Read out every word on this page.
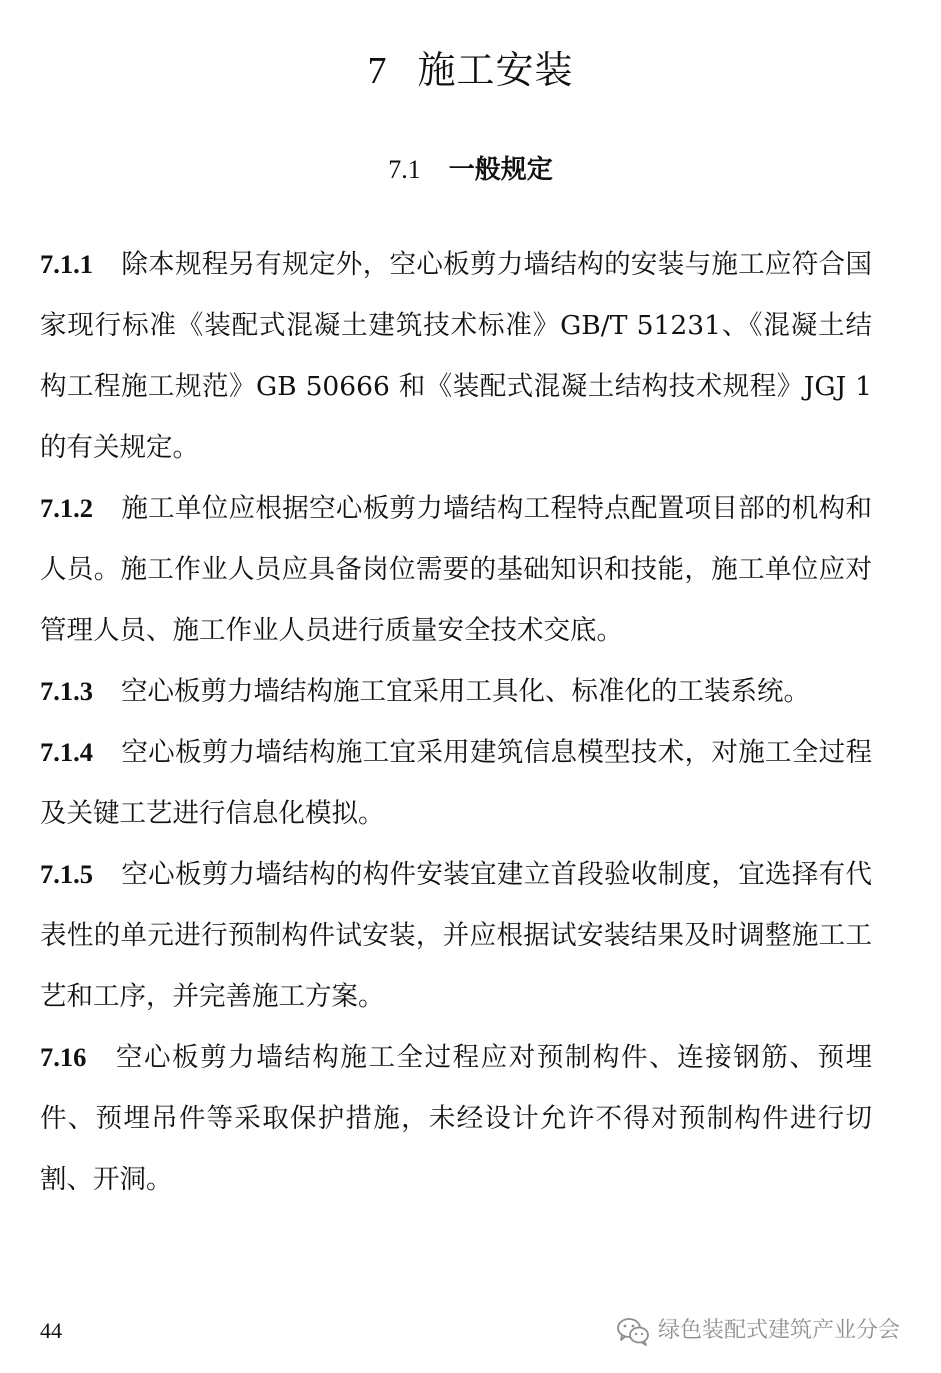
7 施工安装
7.1 一般规定

7.1.1 除本规程另有规定外，空心板剪力墙结构的安装与施工应符合国家现行标准《装配式混凝土建筑技术标准》GB/T 51231、《混凝土结构工程施工规范》GB 50666 和《装配式混凝土结构技术规程》JGJ 1 的有关规定。

7.1.2 施工单位应根据空心板剪力墙结构工程特点配置项目部的机构和人员。施工作业人员应具备岗位需要的基础知识和技能，施工单位应对管理人员、施工作业人员进行质量安全技术交底。

7.1.3 空心板剪力墙结构施工宜采用工具化、标准化的工装系统。

7.1.4 空心板剪力墙结构施工宜采用建筑信息模型技术，对施工全过程及关键工艺进行信息化模拟。

7.1.5 空心板剪力墙结构的构件安装宜建立首段验收制度，宜选择有代表性的单元进行预制构件试安装，并应根据试安装结果及时调整施工工艺和工序，并完善施工方案。

7.16 空心板剪力墙结构施工全过程应对预制构件、连接钢筋、预埋件、预埋吊件等采取保护措施，未经设计允许不得对预制构件进行切割、开洞。

44	绿色装配式建筑产业分会
